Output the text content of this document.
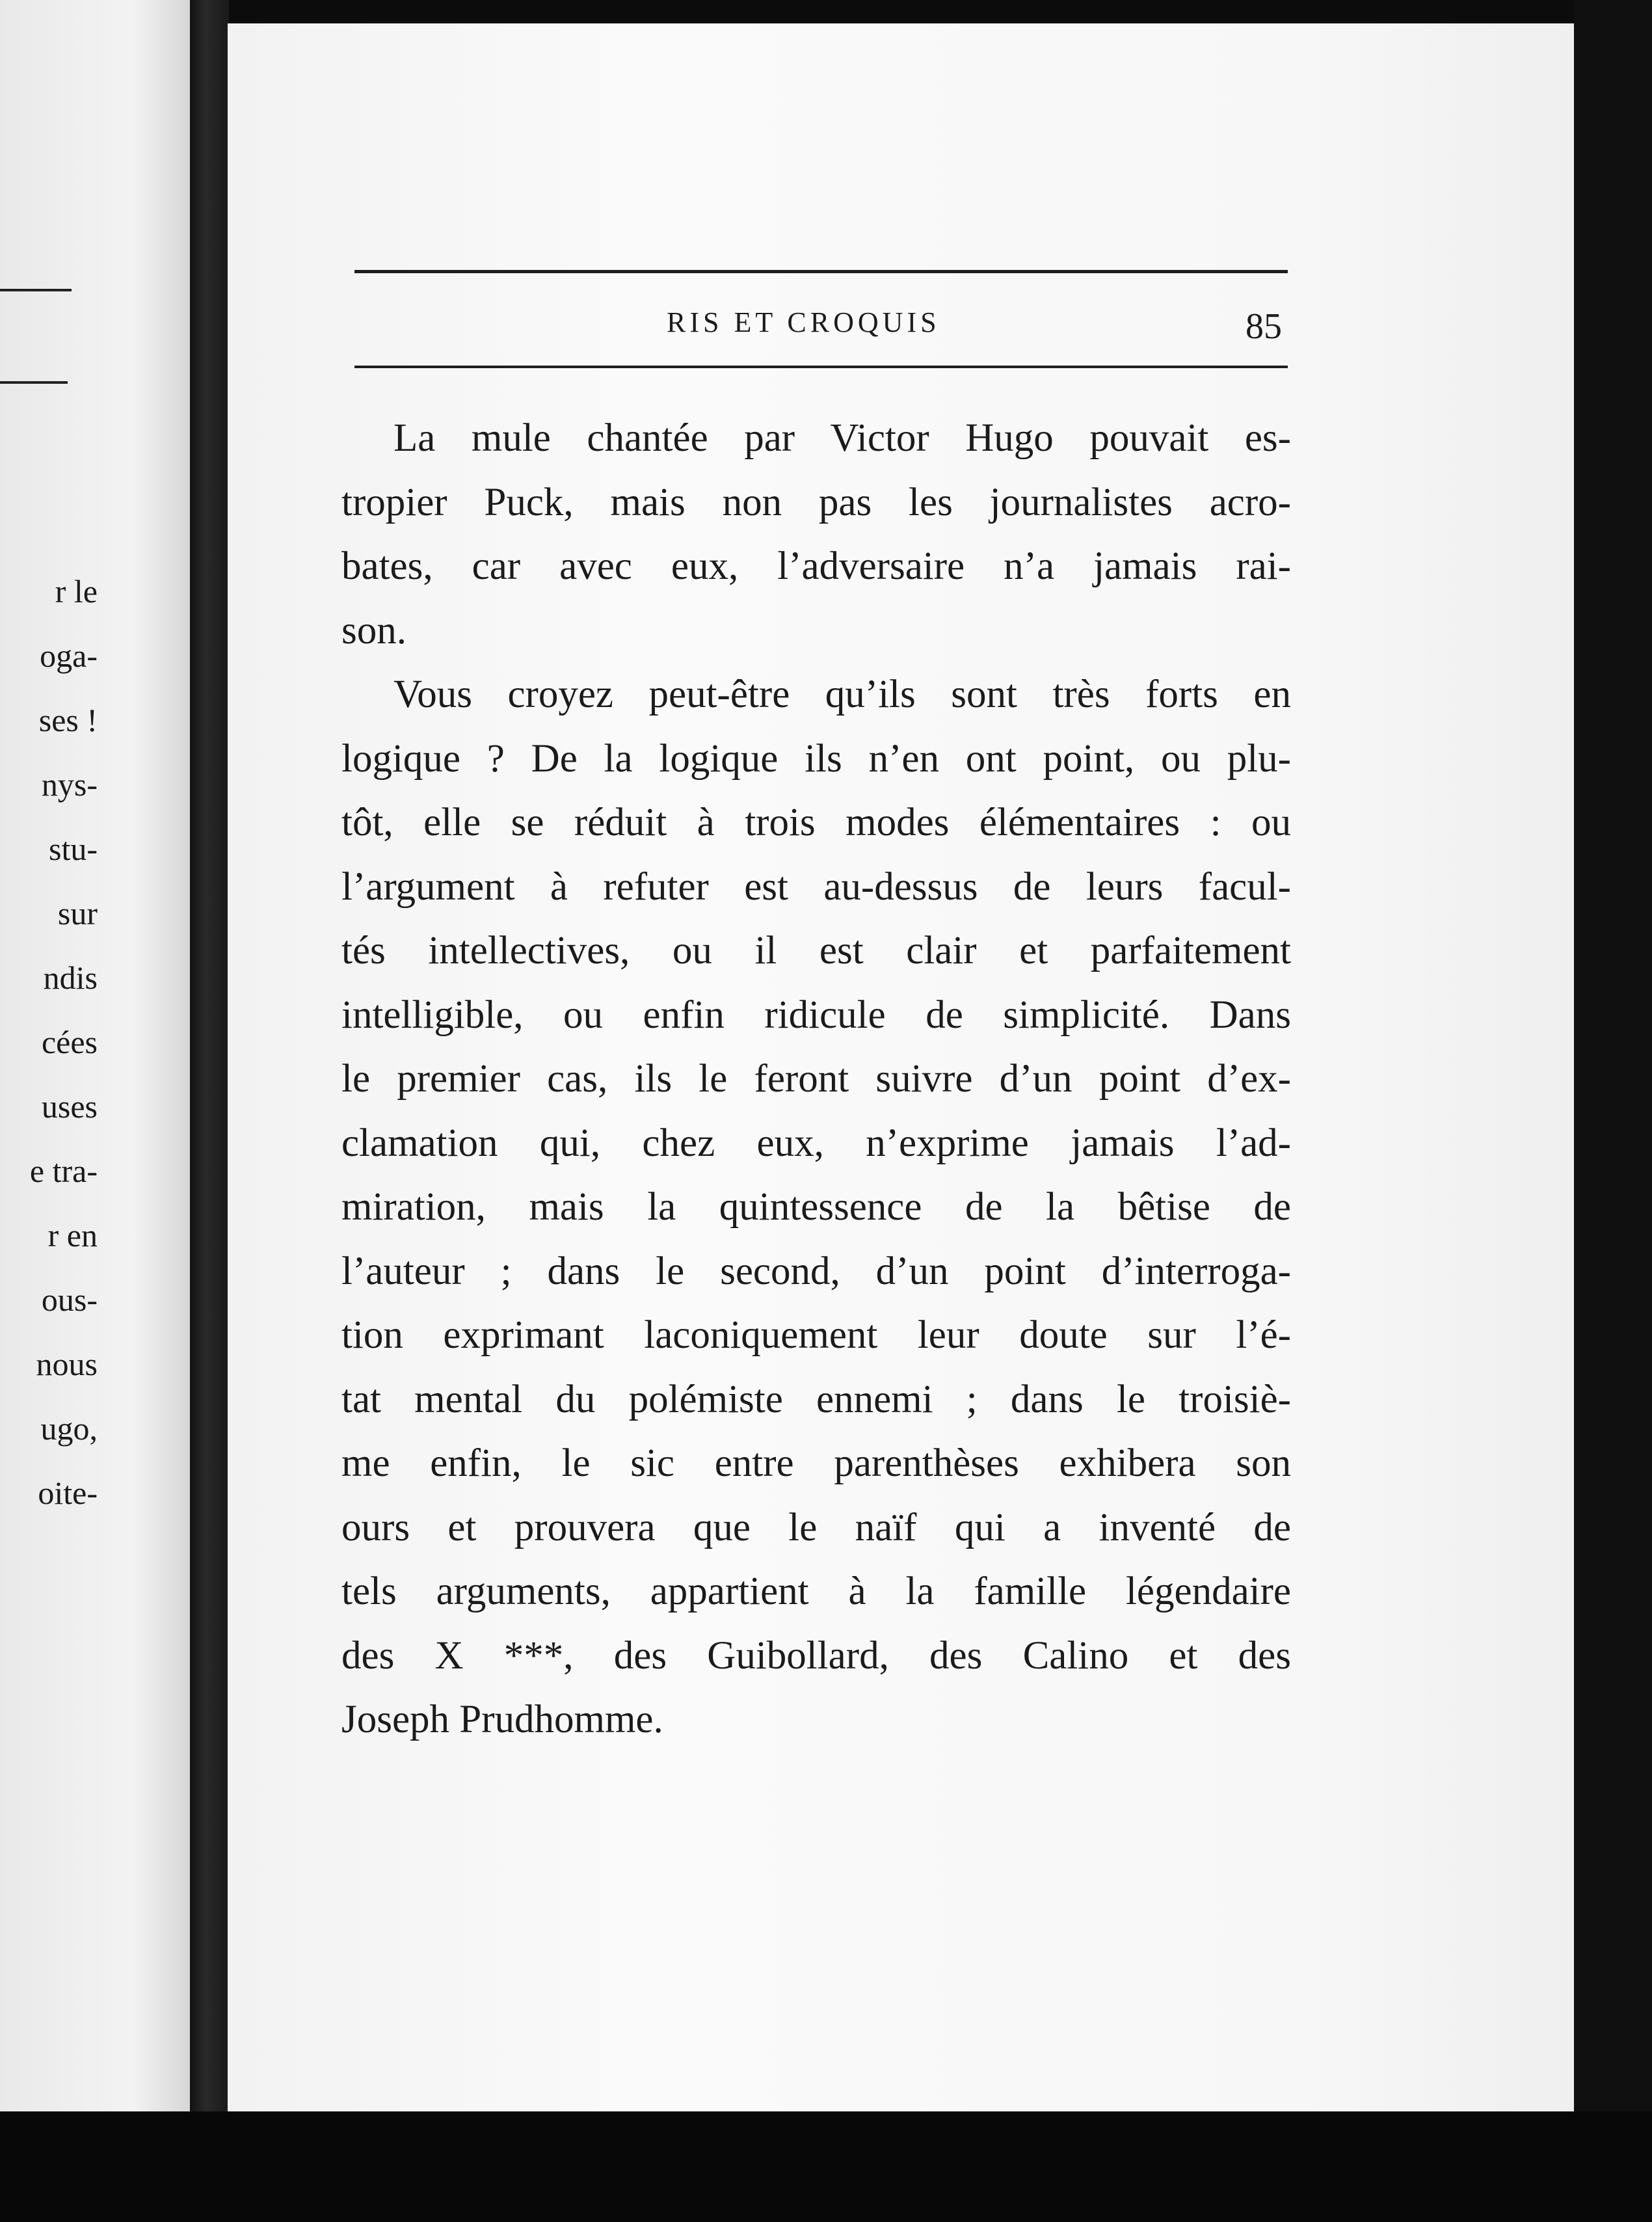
r le
oga-
ses !
nys-
stu-
sur
ndis
cées
uses
e tra-
r en
ous-
nous
ugo,
oite-
RIS ET CROQUIS	85
La mule chantée par Victor Hugo pouvait es-
tropier Puck, mais non pas les journalistes acro-
bates, car avec eux, l’adversaire n’a jamais rai-
son.
Vous croyez peut-être qu’ils sont très forts en
logique ? De la logique ils n’en ont point, ou plu-
tôt, elle se réduit à trois modes élémentaires : ou
l’argument à refuter est au-dessus de leurs facul-
tés intellectives, ou il est clair et parfaitement
intelligible, ou enfin ridicule de simplicité. Dans
le premier cas, ils le feront suivre d’un point d’ex-
clamation qui, chez eux, n’exprime jamais l’ad-
miration, mais la quintessence de la bêtise de
l’auteur ; dans le second, d’un point d’interroga-
tion exprimant laconiquement leur doute sur l’é-
tat mental du polémiste ennemi ; dans le troisiè-
me enfin, le sic entre parenthèses exhibera son
ours et prouvera que le naïf qui a inventé de
tels arguments, appartient à la famille légendaire
des X ***, des Guibollard, des Calino et des
Joseph Prudhomme.
